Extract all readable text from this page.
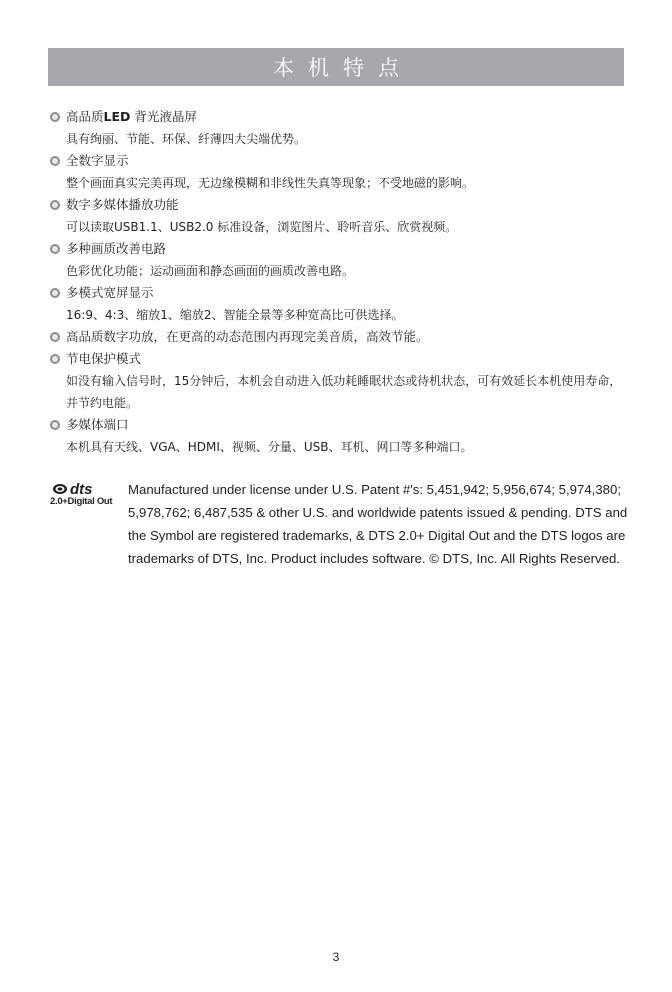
本机特点
高品质LED 背光液晶屏
具有绚丽、节能、环保、纤薄四大尖端优势。
全数字显示
整个画面真实完美再现，无边缘模糊和非线性失真等现象；不受地磁的影响。
数字多媒体播放功能
可以读取USB1.1、USB2.0 标准设备，浏览图片、聆听音乐、欣赏视频。
多种画质改善电路
色彩优化功能；运动画面和静态画面的画质改善电路。
多模式宽屏显示
16:9、4:3、缩放1、缩放2、智能全景等多种宽高比可供选择。
高品质数字功放，在更高的动态范围内再现完美音质，高效节能。
节电保护模式
如没有输入信号时，15分钟后，本机会自动进入低功耗睡眠状态或待机状态，可有效延长本机使用寿命，并节约电能。
多媒体端口
本机具有天线、VGA、HDMI、视频、分量、USB、耳机、网口等多种端口。
dts
2.0+Digital Out
Manufactured under license under U.S. Patent #'s: 5,451,942; 5,956,674; 5,974,380; 5,978,762; 6,487,535 & other U.S. and worldwide patents issued & pending. DTS and the Symbol are registered trademarks, & DTS 2.0+ Digital Out and the DTS logos are trademarks of DTS, Inc. Product includes software. © DTS, Inc. All Rights Reserved.
3
